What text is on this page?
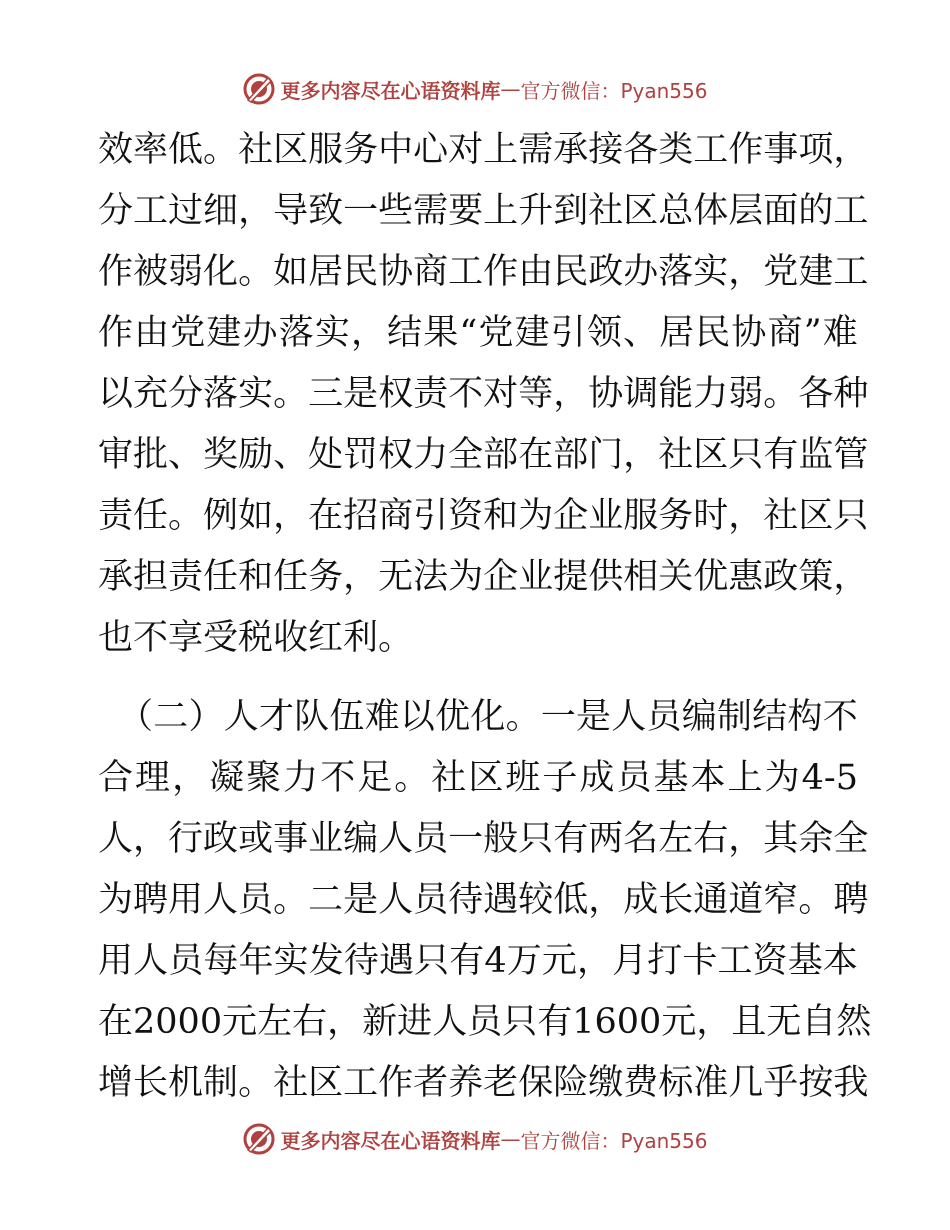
更多内容尽在心语资料库 — 官方微信：Pyan556
效 率 低 。 社 区 服 务 中 心 对 上 需 承 接 各 类 工 作 事 项 ，
分 工 过 细 ， 导 致 一 些 需 要 上 升 到 社 区 总 体 层 面 的 工
作 被 弱 化 。 如 居 民 协 商 工 作 由 民 政 办 落 实 ， 党 建 工
作 由 党 建 办 落 实 ， 结 果 “ 党 建 引 领 、 居 民 协 商 ” 难
以 充 分 落 实 。 三 是 权 责 不 对 等 ， 协 调 能 力 弱 。 各 种
审 批 、 奖 励 、 处 罚 权 力 全 部 在 部 门 ， 社 区 只 有 监 管
责 任 。 例 如 ， 在 招 商 引 资 和 为 企 业 服 务 时 ， 社 区 只
承 担 责 任 和 任 务 ， 无 法 为 企 业 提 供 相 关 优 惠 政 策 ，
也不享受税收红利。
（ 二 ） 人 才 队 伍 难 以 优 化 。 一 是 人 员 编 制 结 构 不
合 理 ， 凝 聚 力 不 足 。 社 区 班 子 成 员 基 本 上 为 4-5
人 ， 行 政 或 事 业 编 人 员 一 般 只 有 两 名 左 右 ， 其 余 全
为 聘 用 人 员 。 二 是 人 员 待 遇 较 低 ， 成 长 通 道 窄 。 聘
用 人 员 每 年 实 发 待 遇 只 有 4 万 元 ， 月 打 卡 工 资 基 本
在 2000 元 左 右 ， 新 进 人 员 只 有 1600 元 ， 且 无 自 然
增 长 机 制 。 社 区 工 作 者 养 老 保 险 缴 费 标 准 几 乎 按 我
更多内容尽在心语资料库 — 官方微信：Pyan556
